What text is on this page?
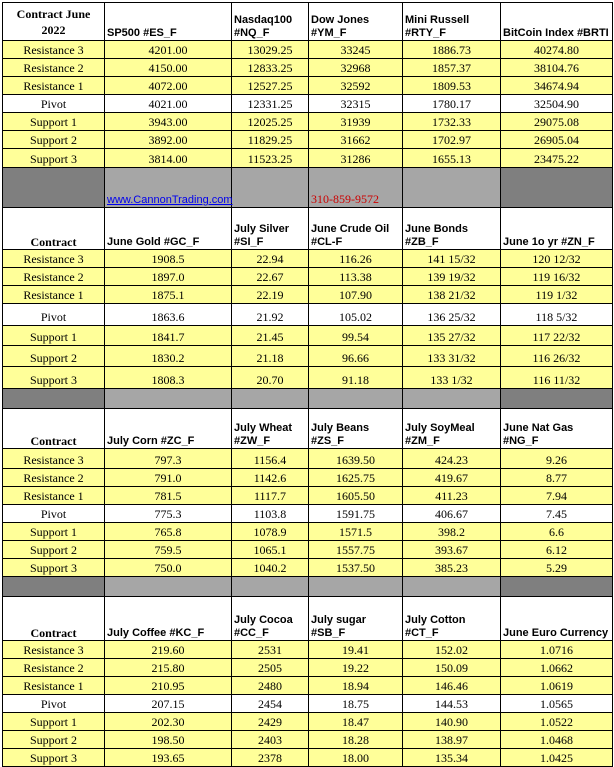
Contract June 2022	SP500 #ES_F	Nasdaq100 #NQ_F	Dow Jones #YM_F	Mini Russell #RTY_F	BitCoin Index #BRTI
Resistance 3	4201.00	13029.25	33245	1886.73	40274.80
Resistance 2	4150.00	12833.25	32968	1857.37	38104.76
Resistance 1	4072.00	12527.25	32592	1809.53	34674.94
Pivot	4021.00	12331.25	32315	1780.17	32504.90
Support 1	3943.00	12025.25	31939	1732.33	29075.08
Support 2	3892.00	11829.25	31662	1702.97	26905.04
Support 3	3814.00	11523.25	31286	1655.13	23475.22
	www.CannonTrading.com		310-859-9572		
Contract	June Gold #GC_F	July Silver #SI_F	June Crude Oil #CL-F	June Bonds #ZB_F	June 1o yr #ZN_F
Resistance 3	1908.5	22.94	116.26	141 15/32	120 12/32
Resistance 2	1897.0	22.67	113.38	139 19/32	119 16/32
Resistance 1	1875.1	22.19	107.90	138 21/32	119 1/32
Pivot	1863.6	21.92	105.02	136 25/32	118 5/32
Support 1	1841.7	21.45	99.54	135 27/32	117 22/32
Support 2	1830.2	21.18	96.66	133 31/32	116 26/32
Support 3	1808.3	20.70	91.18	133 1/32	116 11/32

Contract	July Corn #ZC_F	July Wheat #ZW_F	July Beans #ZS_F	July SoyMeal #ZM_F	June Nat Gas #NG_F
Resistance 3	797.3	1156.4	1639.50	424.23	9.26
Resistance 2	791.0	1142.6	1625.75	419.67	8.77
Resistance 1	781.5	1117.7	1605.50	411.23	7.94
Pivot	775.3	1103.8	1591.75	406.67	7.45
Support 1	765.8	1078.9	1571.5	398.2	6.6
Support 2	759.5	1065.1	1557.75	393.67	6.12
Support 3	750.0	1040.2	1537.50	385.23	5.29

Contract	July Coffee #KC_F	July Cocoa #CC_F	July sugar #SB_F	July Cotton #CT_F	June Euro Currency
Resistance 3	219.60	2531	19.41	152.02	1.0716
Resistance 2	215.80	2505	19.22	150.09	1.0662
Resistance 1	210.95	2480	18.94	146.46	1.0619
Pivot	207.15	2454	18.75	144.53	1.0565
Support 1	202.30	2429	18.47	140.90	1.0522
Support 2	198.50	2403	18.28	138.97	1.0468
Support 3	193.65	2378	18.00	135.34	1.0425
